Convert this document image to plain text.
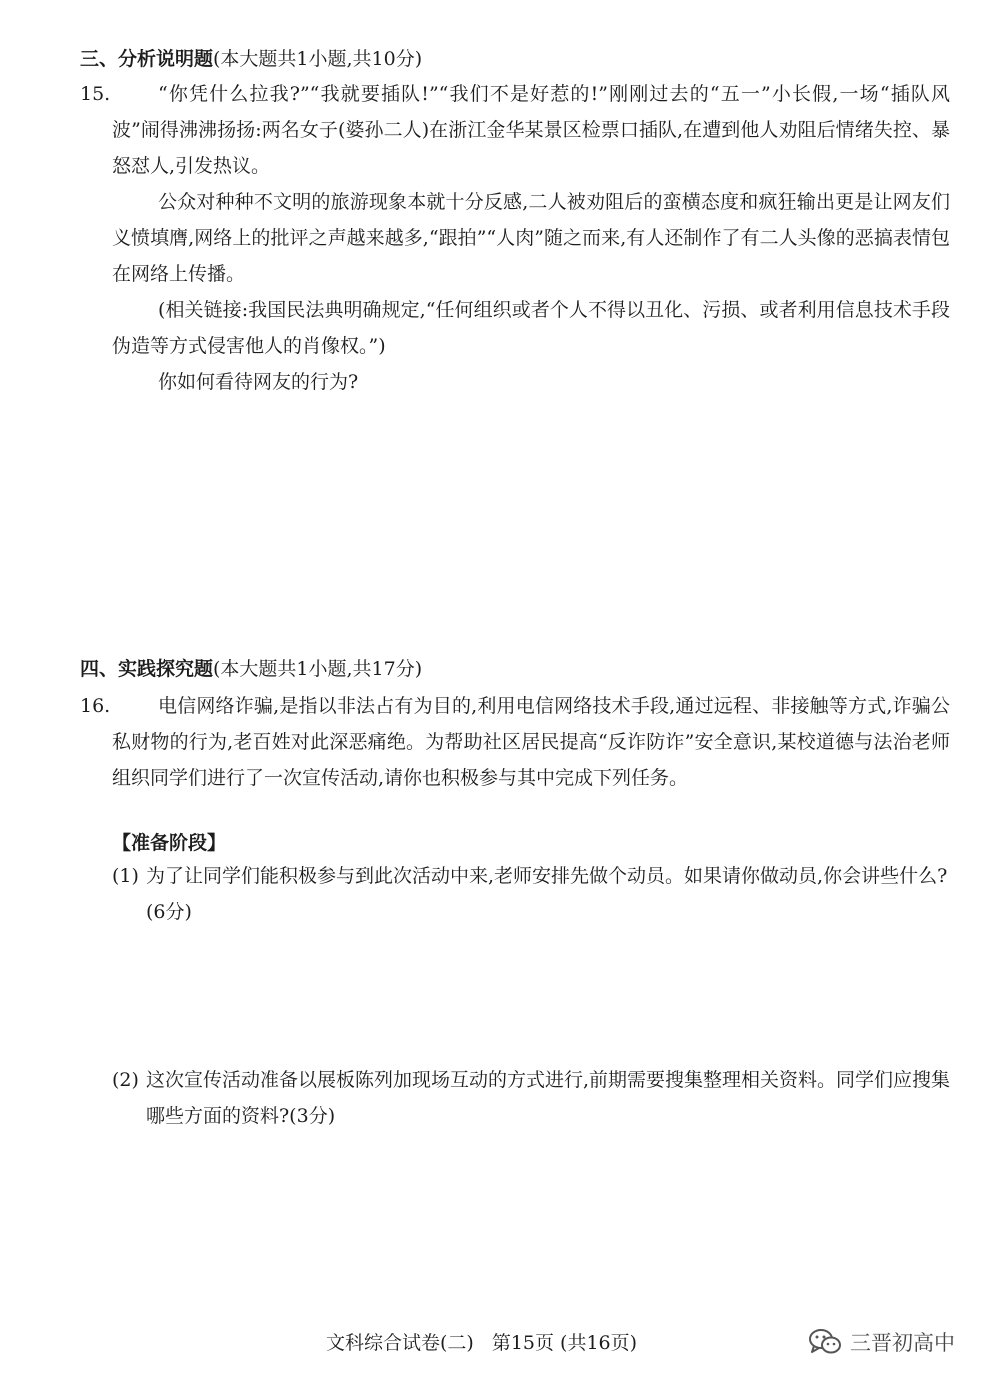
三、分析说明题(本大题共1小题,共10分)
15.	“你凭什么拉我?”“我就要插队!”“我们不是好惹的!”刚刚过去的“五一”小长假,一场“插队风波”闹得沸沸扬扬:两名女子(婆孙二人)在浙江金华某景区检票口插队,在遭到他人劝阻后情绪失控、暴怒怼人,引发热议。

公众对种种不文明的旅游现象本就十分反感,二人被劝阻后的蛮横态度和疯狂输出更是让网友们义愤填膺,网络上的批评之声越来越多,“跟拍”“人肉”随之而来,有人还制作了有二人头像的恶搞表情包在网络上传播。

(相关链接:我国民法典明确规定,“任何组织或者个人不得以丑化、污损、或者利用信息技术手段伪造等方式侵害他人的肖像权。”)

你如何看待网友的行为?

四、实践探究题(本大题共1小题,共17分)
16.	电信网络诈骗,是指以非法占有为目的,利用电信网络技术手段,通过远程、非接触等方式,诈骗公私财物的行为,老百姓对此深恶痛绝。为帮助社区居民提高“反诈防诈”安全意识,某校道德与法治老师组织同学们进行了一次宣传活动,请你也积极参与其中完成下列任务。

【准备阶段】
(1) 为了让同学们能积极参与到此次活动中来,老师安排先做个动员。如果请你做动员,你会讲些什么?(6分)
(2) 这次宣传活动准备以展板陈列加现场互动的方式进行,前期需要搜集整理相关资料。同学们应搜集哪些方面的资料?(3分)
文科综合试卷(二) 第15页 (共16页)	三晋初高中
